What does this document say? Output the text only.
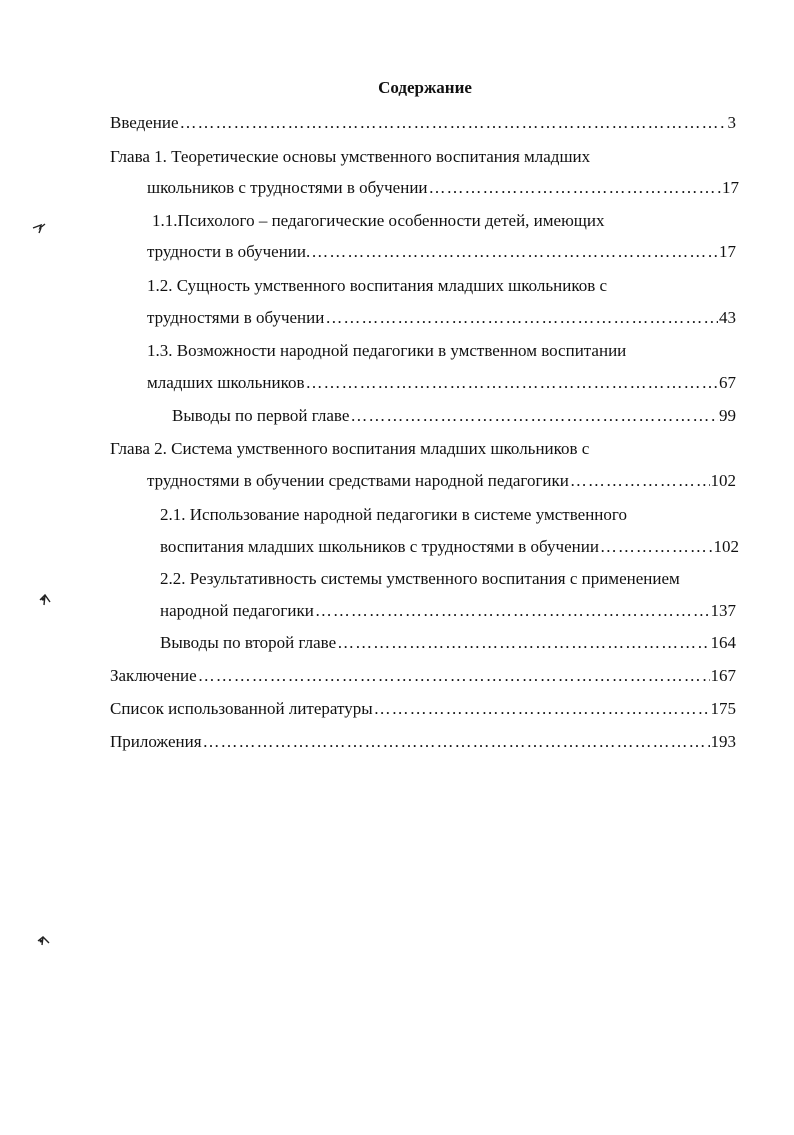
Содержание
Введение …………………………………………………………………………………………………………………………………………………………………………………	3
Глава 1. Теоретические основы умственного воспитания младших
школьников с трудностями в обучении …………………………………………………………………………………………………………………………………………………………………………………	17
1.1.Психолого – педагогические особенности детей, имеющих
трудности в обучении. …………………………………………………………………………………………………………………………………………………………………………………	17
1.2. Сущность умственного воспитания младших школьников с
трудностями в обучении …………………………………………………………………………………………………………………………………………………………………………………	43
1.3. Возможности народной педагогики в умственном воспитании
младших школьников …………………………………………………………………………………………………………………………………………………………………………………	67
Выводы по первой главе …………………………………………………………………………………………………………………………………………………………………………………	99
Глава 2. Система умственного воспитания младших школьников с
трудностями в обучении средствами народной педагогики …………………………………………………………………………………………………………………………………………………………………………………	102
2.1. Использование народной педагогики в системе умственного
воспитания младших школьников с трудностями в обучении …………………………………………………………………………………………………………………………………………………………………………………	102
2.2. Результативность системы умственного воспитания с применением
народной педагогики …………………………………………………………………………………………………………………………………………………………………………………	137
Выводы по второй главе …………………………………………………………………………………………………………………………………………………………………………………	164
Заключение …………………………………………………………………………………………………………………………………………………………………………………	167
Список использованной литературы …………………………………………………………………………………………………………………………………………………………………………………	175
Приложения …………………………………………………………………………………………………………………………………………………………………………………	193
